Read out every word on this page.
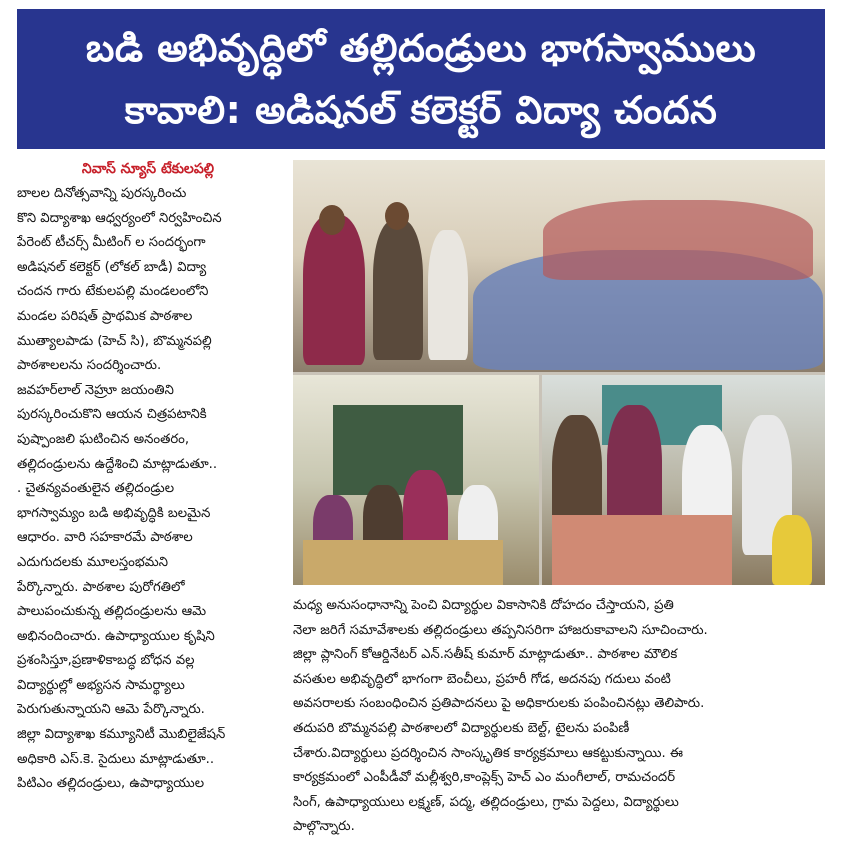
బడి అభివృద్ధిలో తల్లిదండ్రులు భాగస్వాములు
కావాలి: అడిషనల్ కలెక్టర్ విద్యా చందన
నివాస్ న్యూస్ టేకులపల్లి

బాలల దినోత్సవాన్ని పురస్కరించు
కొని విద్యాశాఖ ఆధ్వర్యంలో నిర్వహించిన
పేరెంట్ టీచర్స్ మీటింగ్ ల సందర్భంగా
అడిషనల్ కలెక్టర్ (లోకల్ బాడీ) విద్యా
చందన గారు టేకులపల్లి మండలంలోని
మండల పరిషత్ ప్రాథమిక పాఠశాల
ముత్యాలపాడు (హెచ్ సి), బొమ్మనపల్లి
పాఠశాలలను సందర్శించారు.
జవహర్‌లాల్ నెహ్రూ జయంతిని
పురస్కరించుకొని ఆయన చిత్రపటానికి
పుష్పాంజలి ఘటించిన అనంతరం,
తల్లిదండ్రులను ఉద్దేశించి మాట్లాడుతూ..
. చైతన్యవంతులైన తల్లిదండ్రుల
భాగస్వామ్యం బడి అభివృద్ధికి బలమైన
ఆధారం. వారి సహకారమే పాఠశాల
ఎదుగుదలకు మూలస్తంభమని
పేర్కొన్నారు. పాఠశాల పురోగతిలో
పాలుపంచుకున్న తల్లిదండ్రులను ఆమె
అభినందించారు. ఉపాధ్యాయుల కృషిని
ప్రశంసిస్తూ,ప్రణాళికాబద్ధ బోధన వల్ల
విద్యార్థుల్లో అభ్యసన సామర్థ్యాలు
పెరుగుతున్నాయని ఆమె పేర్కొన్నారు.
జిల్లా విద్యాశాఖ కమ్యూనిటీ మొబిలైజేషన్
అధికారి ఎస్.కె. సైదులు మాట్లాడుతూ..
పిటిఎం తల్లిదండ్రులు, ఉపాధ్యాయుల

మధ్య అనుసంధానాన్ని పెంచి విద్యార్థుల వికాసానికి దోహదం చేస్తాయని, ప్రతి
నెలా జరిగే సమావేశాలకు తల్లిదండ్రులు తప్పనిసరిగా హాజరుకావాలని సూచించారు.
జిల్లా ప్లానింగ్ కోఆర్డినేటర్ ఎన్.సతీష్ కుమార్ మాట్లాడుతూ.. పాఠశాల మౌలిక
వసతుల అభివృద్ధిలో భాగంగా బెంచీలు, ప్రహరీ గోడ, అదనపు గదులు వంటి
అవసరాలకు సంబంధించిన ప్రతిపాదనలు పై అధికారులకు పంపించినట్లు తెలిపారు.
తదుపరి బొమ్మనపల్లి పాఠశాలలో విద్యార్థులకు బెల్ట్, టైలను పంపిణీ
చేశారు.విద్యార్థులు ప్రదర్శించిన సాంస్కృతిక కార్యక్రమాలు ఆకట్టుకున్నాయి. ఈ
కార్యక్రమంలో ఎంపీడీవో మల్లీశ్వరి,కాంప్లెక్స్ హెచ్ ఎం మంగీలాల్, రామచందర్
సింగ్, ఉపాధ్యాయులు లక్ష్మణ్, పద్మ, తల్లిదండ్రులు, గ్రామ పెద్దలు, విద్యార్థులు
పాల్గొన్నారు.
